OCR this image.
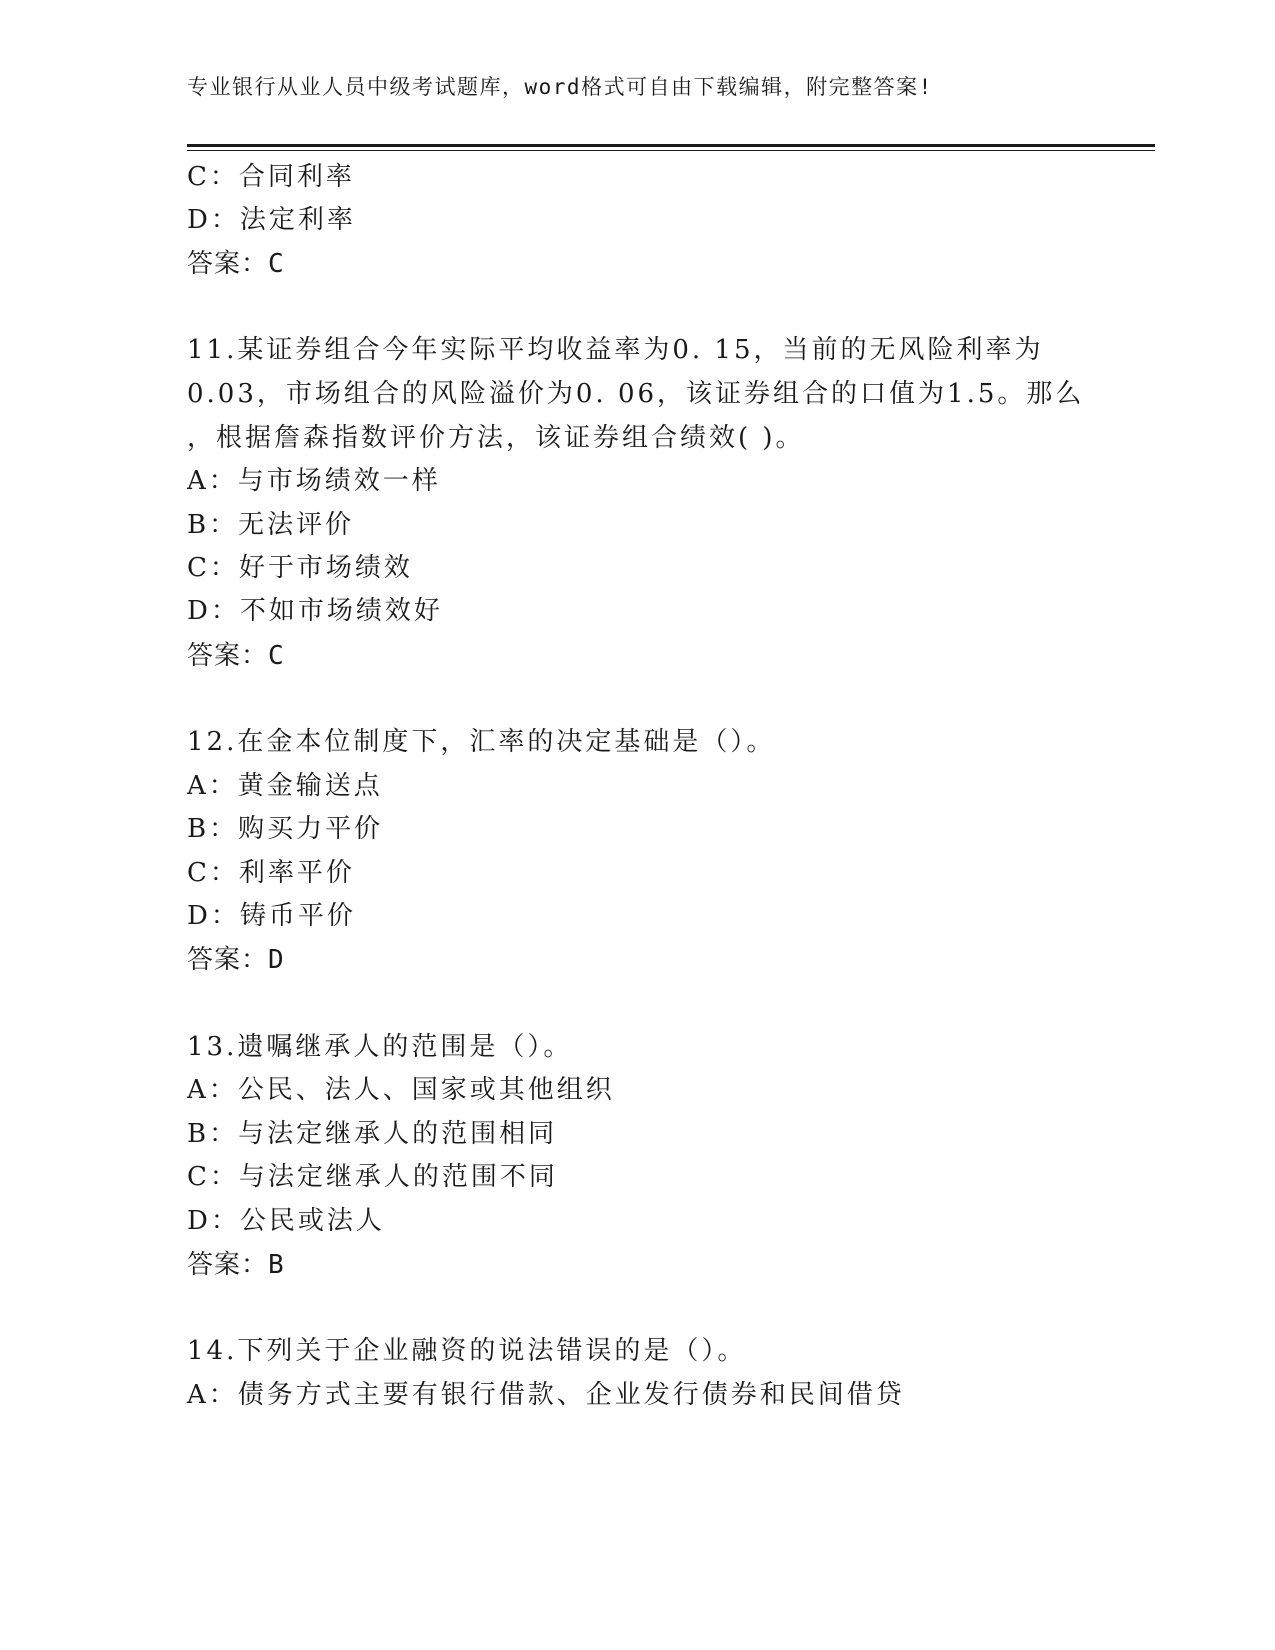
专业银行从业人员中级考试题库，word格式可自由下载编辑，附完整答案!
C：合同利率
D：法定利率
答案：C
11.某证券组合今年实际平均收益率为0. 15，当前的无风险利率为
0.03，市场组合的风险溢价为0. 06，该证券组合的口值为1.5。那么
，根据詹森指数评价方法，该证券组合绩效( )。
A：与市场绩效一样
B：无法评价
C：好于市场绩效
D：不如市场绩效好
答案：C
12.在金本位制度下，汇率的决定基础是（）。
A：黄金输送点
B：购买力平价
C：利率平价
D：铸币平价
答案：D
13.遗嘱继承人的范围是（）。
A：公民、法人、国家或其他组织
B：与法定继承人的范围相同
C：与法定继承人的范围不同
D：公民或法人
答案：B
14.下列关于企业融资的说法错误的是（）。
A：债务方式主要有银行借款、企业发行债券和民间借贷
